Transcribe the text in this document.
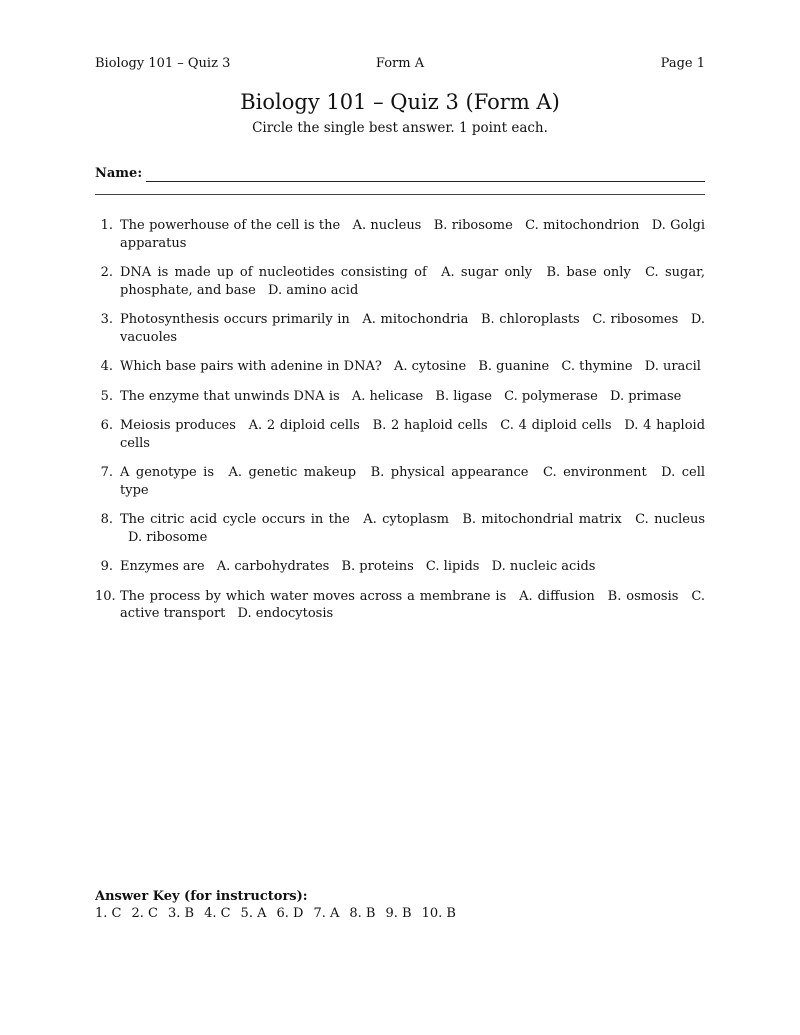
Biology 101 – Quiz 3	Form A	Page 1
Biology 101 – Quiz 3 (Form A)
Circle the single best answer. 1 point each.
Name:
1. The powerhouse of the cell is the A. nucleus B. ribosome C. mitochondrion D. Golgi apparatus
2. DNA is made up of nucleotides consisting of A. sugar only B. base only C. sugar, phosphate, and base D. amino acid
3. Photosynthesis occurs primarily in A. mitochondria B. chloroplasts C. ribosomes D. vacuoles
4. Which base pairs with adenine in DNA? A. cytosine B. guanine C. thymine D. uracil
5. The enzyme that unwinds DNA is A. helicase B. ligase C. polymerase D. primase
6. Meiosis produces A. 2 diploid cells B. 2 haploid cells C. 4 diploid cells D. 4 haploid cells
7. A genotype is A. genetic makeup B. physical appearance C. environment D. cell type
8. The citric acid cycle occurs in the A. cytoplasm B. mitochondrial matrix C. nucleus D. ribosome
9. Enzymes are A. carbohydrates B. proteins C. lipids D. nucleic acids
10. The process by which water moves across a membrane is A. diffusion B. osmosis C. active transport D. endocytosis
Answer Key (for instructors):
1. C 2. C 3. B 4. C 5. A 6. D 7. A 8. B 9. B 10. B
